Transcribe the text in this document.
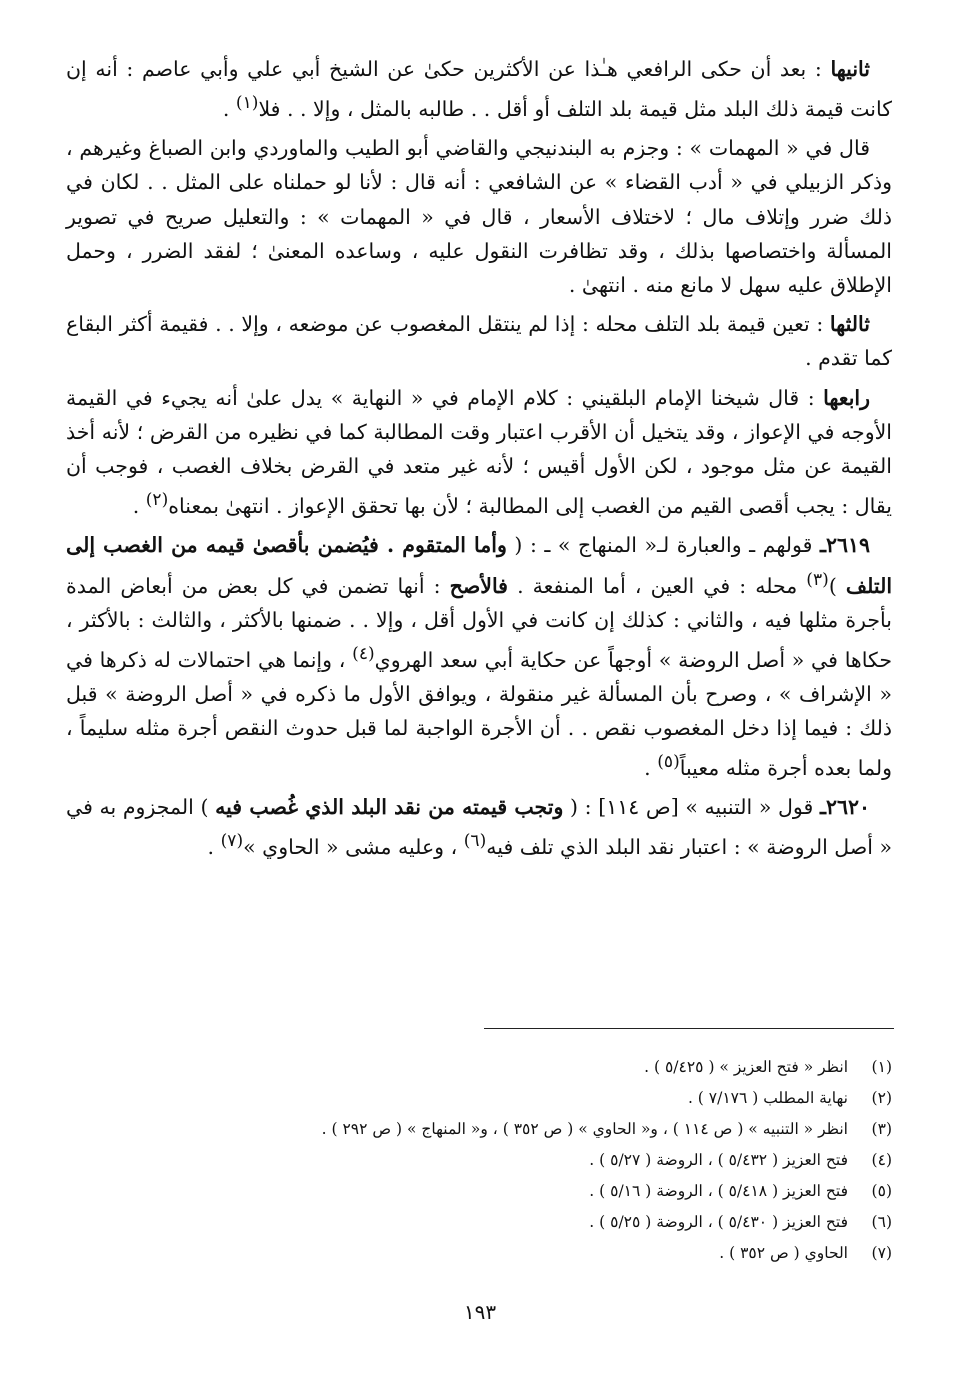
ثانيها : بعد أن حكى الرافعي هـٰذا عن الأكثرين حكىٰ عن الشيخ أبي علي وأبي عاصم : أنه إن كانت قيمة ذلك البلد مثل قيمة بلد التلف أو أقل . . طالبه بالمثل ، وإلا . . فلا$^{(١)}$ .

قال في « المهمات » : وجزم به البندنيجي والقاضي أبو الطيب والماوردي وابن الصباغ وغيرهم ، وذكر الزبيلي في « أدب القضاء » عن الشافعي : أنه قال : لأنا لو حملناه على المثل . . لكان في ذلك ضرر وإتلاف مال ؛ لاختلاف الأسعار ، قال في « المهمات » : والتعليل صريح في تصوير المسألة واختصاصها بذلك ، وقد تظافرت النقول عليه ، وساعده المعنىٰ ؛ لفقد الضرر ، وحمل الإطلاق عليه سهل لا مانع منه . انتهىٰ .

ثالثها : تعين قيمة بلد التلف محله : إذا لم ينتقل المغصوب عن موضعه ، وإلا . . فقيمة أكثر البقاع كما تقدم .

رابعها : قال شيخنا الإمام البلقيني : كلام الإمام في « النهاية » يدل علىٰ أنه يجيء في القيمة الأوجه في الإعواز ، وقد يتخيل أن الأقرب اعتبار وقت المطالبة كما في نظيره من القرض ؛ لأنه أخذ القيمة عن مثل موجود ، لكن الأول أقيس ؛ لأنه غير متعد في القرض بخلاف الغصب ، فوجب أن يقال : يجب أقصى القيم من الغصب إلى المطالبة ؛ لأن بها تحقق الإعواز . انتهىٰ بمعناه$^{(٢)}$ .

٢٦١٩ـ قولهم ـ والعبارة لـ« المنهاج » ـ : ( وأما المتقوم . فيُضمن بأقصىٰ قيمه من الغصب إلى التلف )$^{(٣)}$ محله : في العين ، أما المنفعة . فالأصح : أنها تضمن في كل بعض من أبعاض المدة بأجرة مثلها فيه ، والثاني : كذلك إن كانت في الأول أقل ، وإلا . . ضمنها بالأكثر ، والثالث : بالأكثر ، حكاها في « أصل الروضة » أوجهاً عن حكاية أبي سعد الهروي$^{(٤)}$ ، وإنما هي احتمالات له ذكرها في « الإشراف » ، وصرح بأن المسألة غير منقولة ، ويوافق الأول ما ذكره في « أصل الروضة » قبل ذلك : فيما إذا دخل المغصوب نقص . . أن الأجرة الواجبة لما قبل حدوث النقص أجرة مثله سليماً ، ولما بعده أجرة مثله معيباً$^{(٥)}$ .

٢٦٢٠ـ قول « التنبيه » [ص ١١٤] : ( وتجب قيمته من نقد البلد الذي غُصب فيه ) المجزوم به في « أصل الروضة » : اعتبار نقد البلد الذي تلف فيه$^{(٦)}$ ، وعليه مشى « الحاوي »$^{(٧)}$ .

(١)انظر « فتح العزيز » ( ٥/٤٢٥ ) .
(٢)نهاية المطلب ( ٧/١٧٦ ) .
(٣)انظر « التنبيه » ( ص ١١٤ ) ، و« الحاوي » ( ص ٣٥٢ ) ، و« المنهاج » ( ص ٢٩٢ ) .
(٤)فتح العزيز ( ٥/٤٣٢ ) ، الروضة ( ٥/٢٧ ) .
(٥)فتح العزيز ( ٥/٤١٨ ) ، الروضة ( ٥/١٦ ) .
(٦)فتح العزيز ( ٥/٤٣٠ ) ، الروضة ( ٥/٢٥ ) .
(٧)الحاوي ( ص ٣٥٢ ) .
١٩٣
